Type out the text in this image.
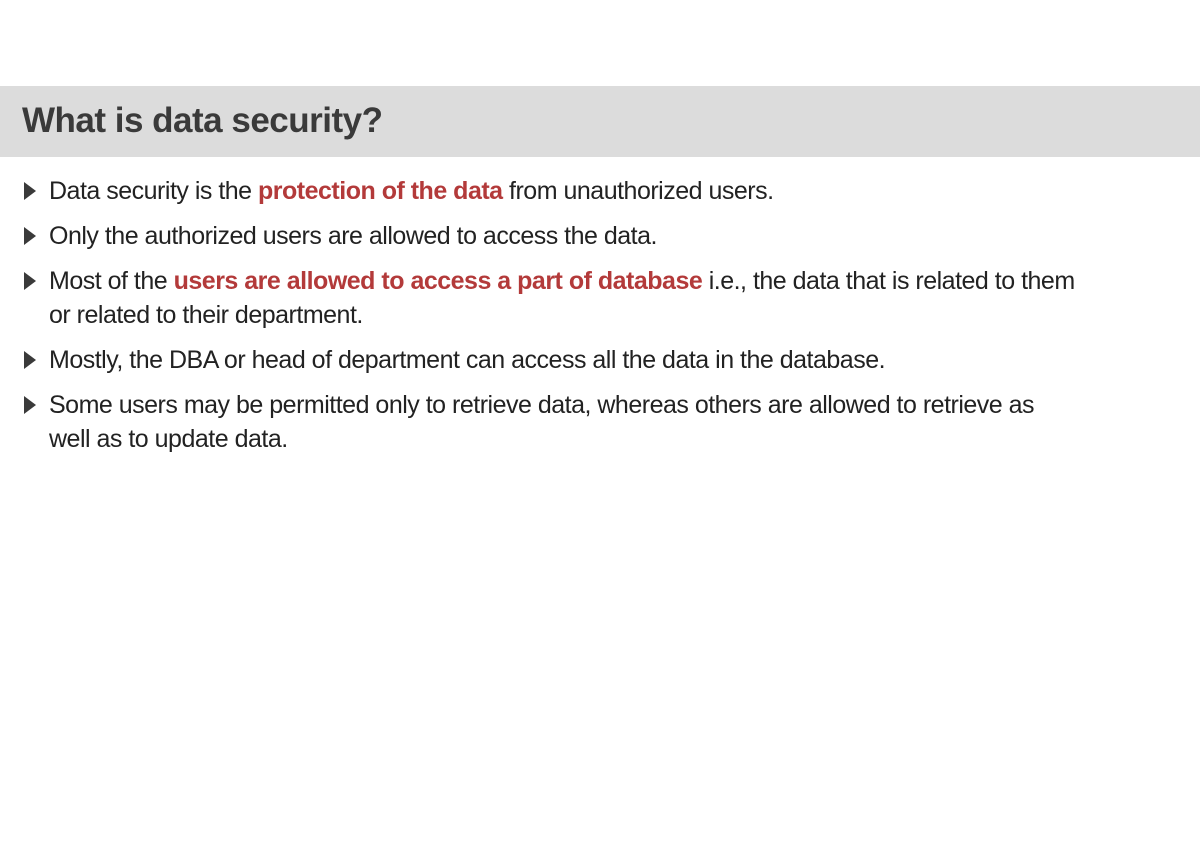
What is data security?
Data security is the protection of the data from unauthorized users.
Only the authorized users are allowed to access the data.
Most of the users are allowed to access a part of database i.e., the data that is related to them
or related to their department.
Mostly, the DBA or head of department can access all the data in the database.
Some users may be permitted only to retrieve data, whereas others are allowed to retrieve as
well as to update data.
